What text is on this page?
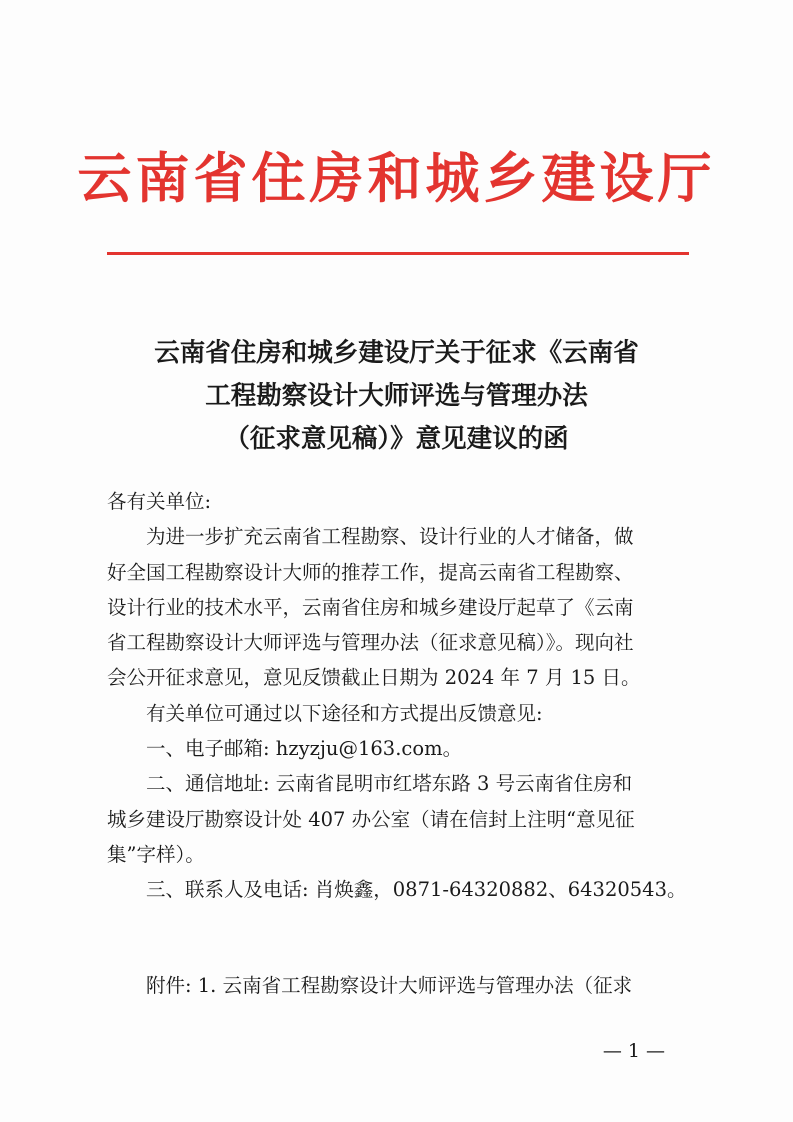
云南省住房和城乡建设厅
云南省住房和城乡建设厅关于征求《云南省
工程勘察设计大师评选与管理办法
（征求意见稿）》意见建议的函
各有关单位:
为进一步扩充云南省工程勘察、设计行业的人才储备，做
好全国工程勘察设计大师的推荐工作，提高云南省工程勘察、
设计行业的技术水平，云南省住房和城乡建设厅起草了《云南
省工程勘察设计大师评选与管理办法（征求意见稿）》。现向社
会公开征求意见，意见反馈截止日期为 2024 年 7 月 15 日。
有关单位可通过以下途径和方式提出反馈意见:
一、电子邮箱: hzyzju@163.com。
二、通信地址: 云南省昆明市红塔东路 3 号云南省住房和
城乡建设厅勘察设计处 407 办公室（请在信封上注明“意见征
集”字样）。
三、联系人及电话: 肖焕鑫，0871-64320882、64320543。
附件: 1. 云南省工程勘察设计大师评选与管理办法（征求
— 1 —
